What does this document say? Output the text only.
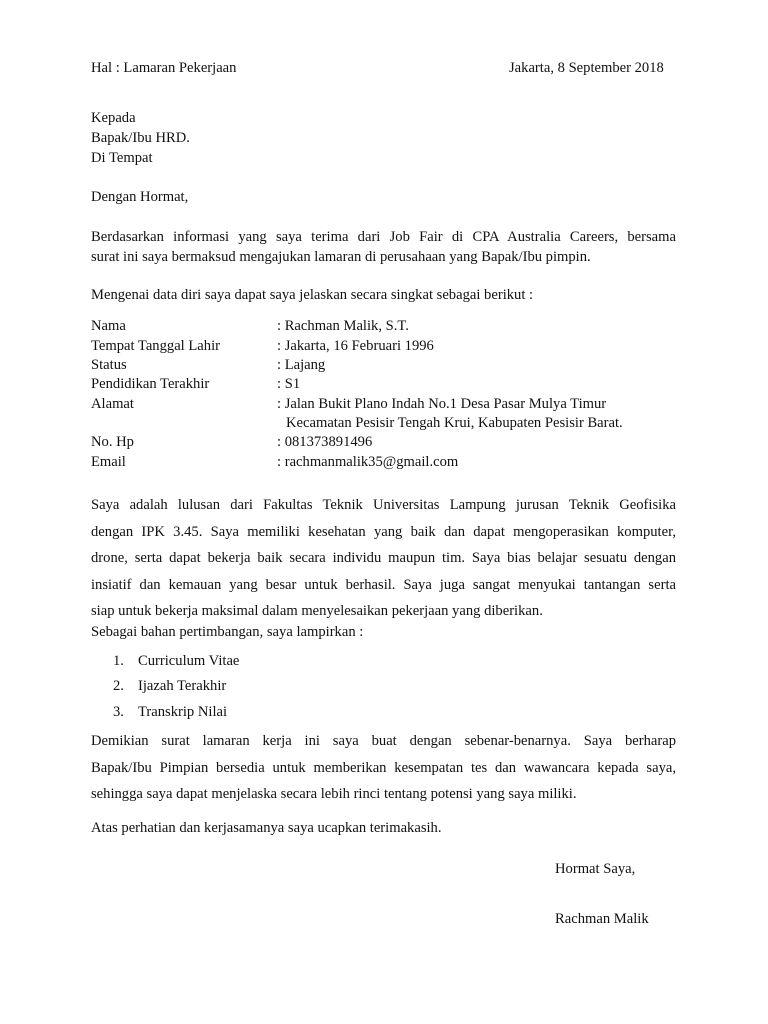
Hal : Lamaran Pekerjaan	Jakarta, 8 September 2018
Kepada
Bapak/Ibu HRD.
Di Tempat
Dengan Hormat,
Berdasarkan informasi yang saya terima dari Job Fair di CPA Australia Careers, bersama
surat ini saya bermaksud mengajukan lamaran di perusahaan yang Bapak/Ibu pimpin.
Mengenai data diri saya dapat saya jelaskan secara singkat sebagai berikut :
Nama	: Rachman Malik, S.T.
Tempat Tanggal Lahir	: Jakarta, 16 Februari 1996
Status	: Lajang
Pendidikan Terakhir	: S1
Alamat	: Jalan Bukit Plano Indah No.1 Desa Pasar Mulya Timur
Kecamatan Pesisir Tengah Krui, Kabupaten Pesisir Barat.
No. Hp	: 081373891496
Email	: rachmanmalik35@gmail.com
Saya adalah lulusan dari Fakultas Teknik Universitas Lampung jurusan Teknik Geofisika
dengan IPK 3.45. Saya memiliki kesehatan yang baik dan dapat mengoperasikan komputer,
drone, serta dapat bekerja baik secara individu maupun tim. Saya bias belajar sesuatu dengan
insiatif dan kemauan yang besar untuk berhasil. Saya juga sangat menyukai tantangan serta
siap untuk bekerja maksimal dalam menyelesaikan pekerjaan yang diberikan.
Sebagai bahan pertimbangan, saya lampirkan :
1. Curriculum Vitae
2. Ijazah Terakhir
3. Transkrip Nilai
Demikian surat lamaran kerja ini saya buat dengan sebenar-benarnya. Saya berharap
Bapak/Ibu Pimpian bersedia untuk memberikan kesempatan tes dan wawancara kepada saya,
sehingga saya dapat menjelaska secara lebih rinci tentang potensi yang saya miliki.
Atas perhatian dan kerjasamanya saya ucapkan terimakasih.
Hormat Saya,
Rachman Malik
